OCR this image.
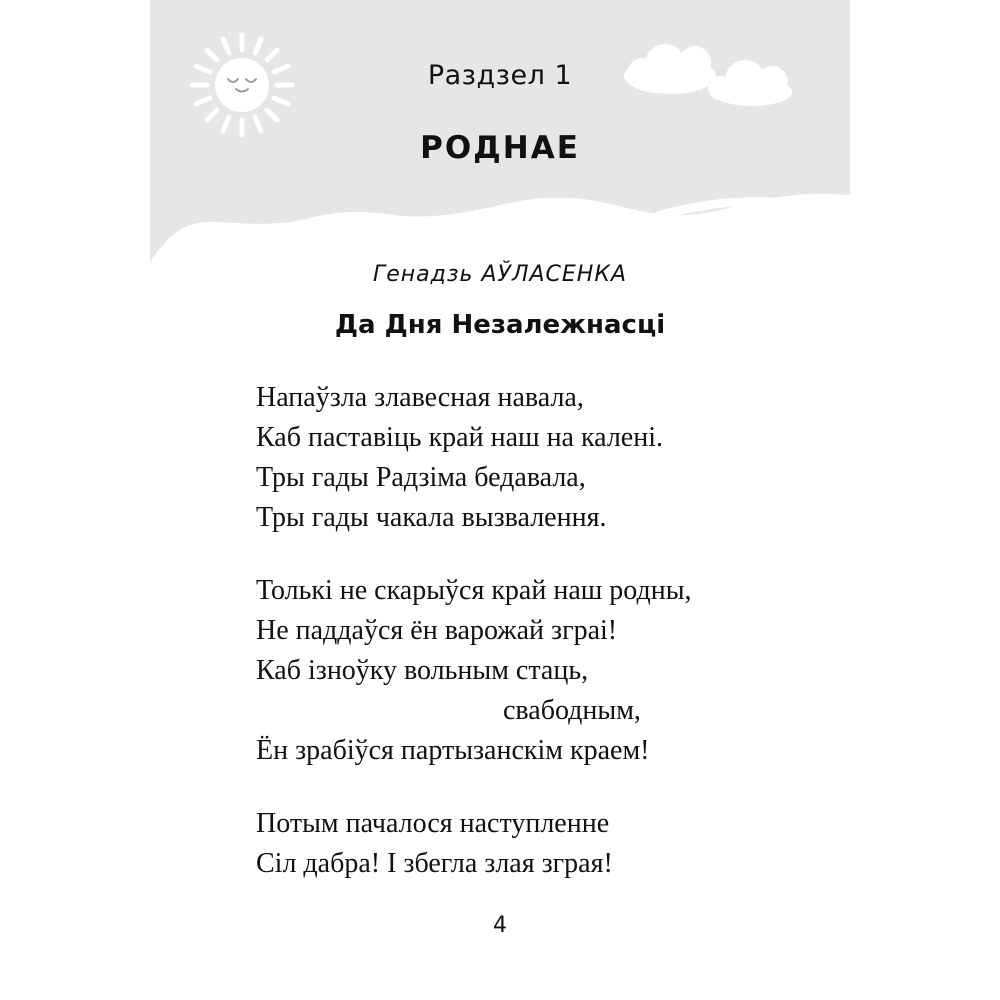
Раздзел 1
РОДНАЕ
Генадзь АЎЛАСЕНКА
Да Дня Незалежнасці
Напаўзла злавесная навала,
Каб паставіць край наш на калені.
Тры гады Радзіма бедавала,
Тры гады чакала вызвалення.
Толькі не скарыўся край наш родны,
Не паддаўся ён варожай зграі!
Каб ізноўку вольным стаць,
свабодным,
Ён зрабіўся партызанскім краем!
Потым пачалося наступленне
Сіл дабра! І збегла злая зграя!
4
